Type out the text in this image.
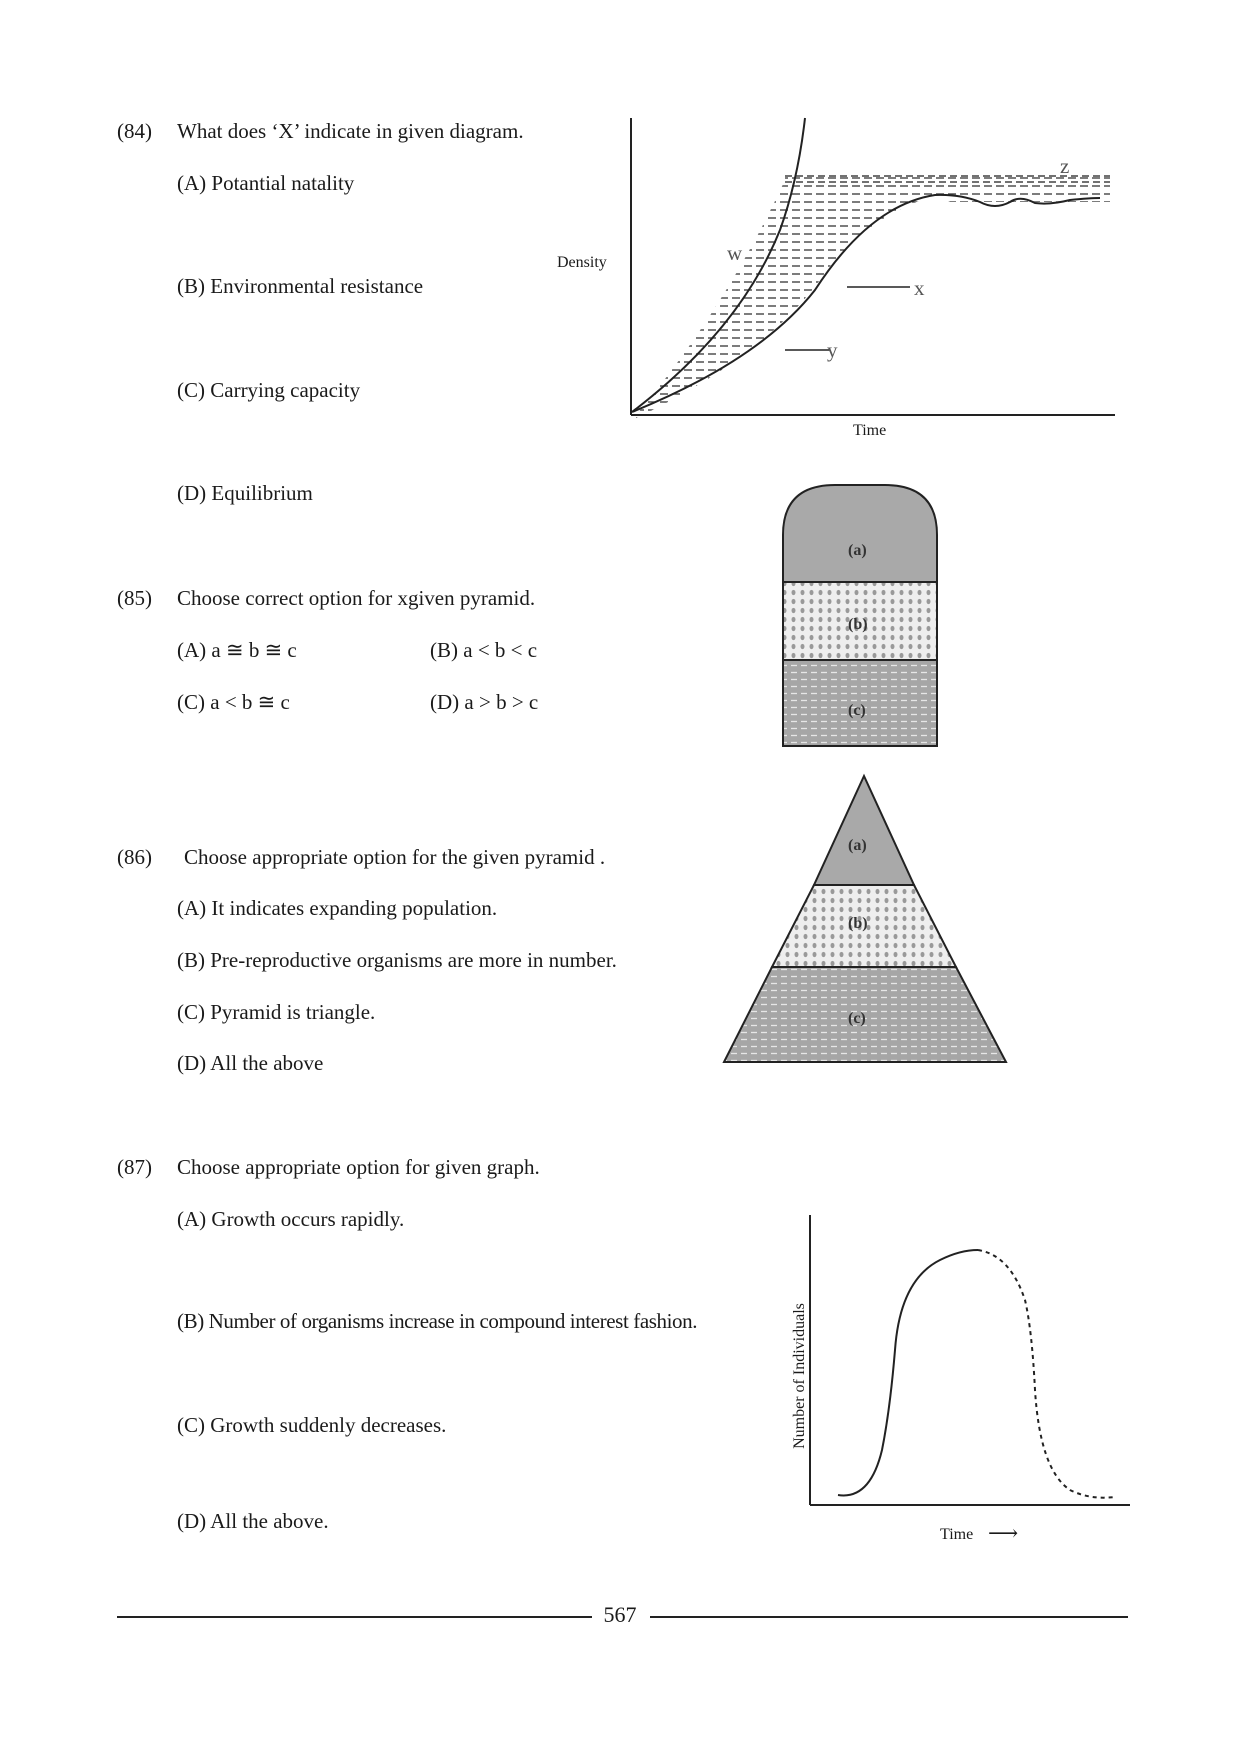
(84) What does ‘X’ indicate in given diagram.
(A) Potantial natality
(B) Environmental resistance
(C) Carrying capacity
(D) Equilibrium
Density
Time
w
x
y
z
(85) Choose correct option for xgiven pyramid.
(A) a ≅ b ≅ c	(B) a < b < c
(C) a < b ≅ c	(D) a > b > c
(a)
(b)
(c)
(86) Choose appropriate option for the given pyramid .
(A) It indicates expanding population.
(B) Pre-reproductive organisms are more in number.
(C) Pyramid is triangle.
(D) All the above
(a)
(b)
(c)
(87) Choose appropriate option for given graph.
(A) Growth occurs rapidly.
(B) Number of organisms increase in compound interest fashion.
(C) Growth suddenly decreases.
(D) All the above.
Number of Individuals
Time ⟶
567
